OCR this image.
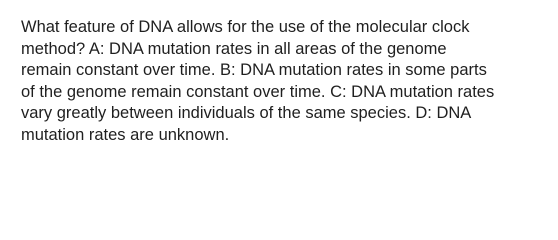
What feature of DNA allows for the use of the molecular clock
method? A: DNA mutation rates in all areas of the genome
remain constant over time. B: DNA mutation rates in some parts
of the genome remain constant over time. C: DNA mutation rates
vary greatly between individuals of the same species. D: DNA
mutation rates are unknown.
